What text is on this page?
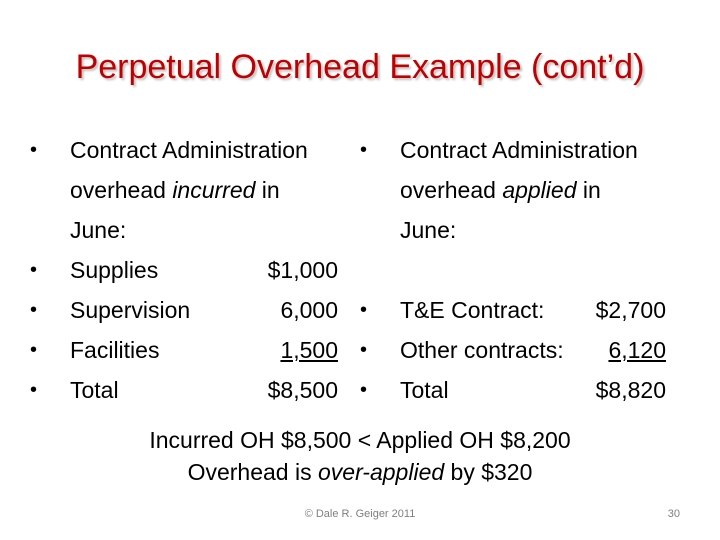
Perpetual Overhead Example (cont’d)
• Contract Administration
overhead incurred in
June:
• Supplies	$1,000
• Supervision	6,000
• Facilities	1,500
• Total	$8,500
• Contract Administration
overhead applied in
June:
• T&E Contract: $2,700
• Other contracts: 6,120
• Total	$8,820
Incurred OH $8,500 < Applied OH $8,200
Overhead is over-applied by $320
© Dale R. Geiger 2011	30
